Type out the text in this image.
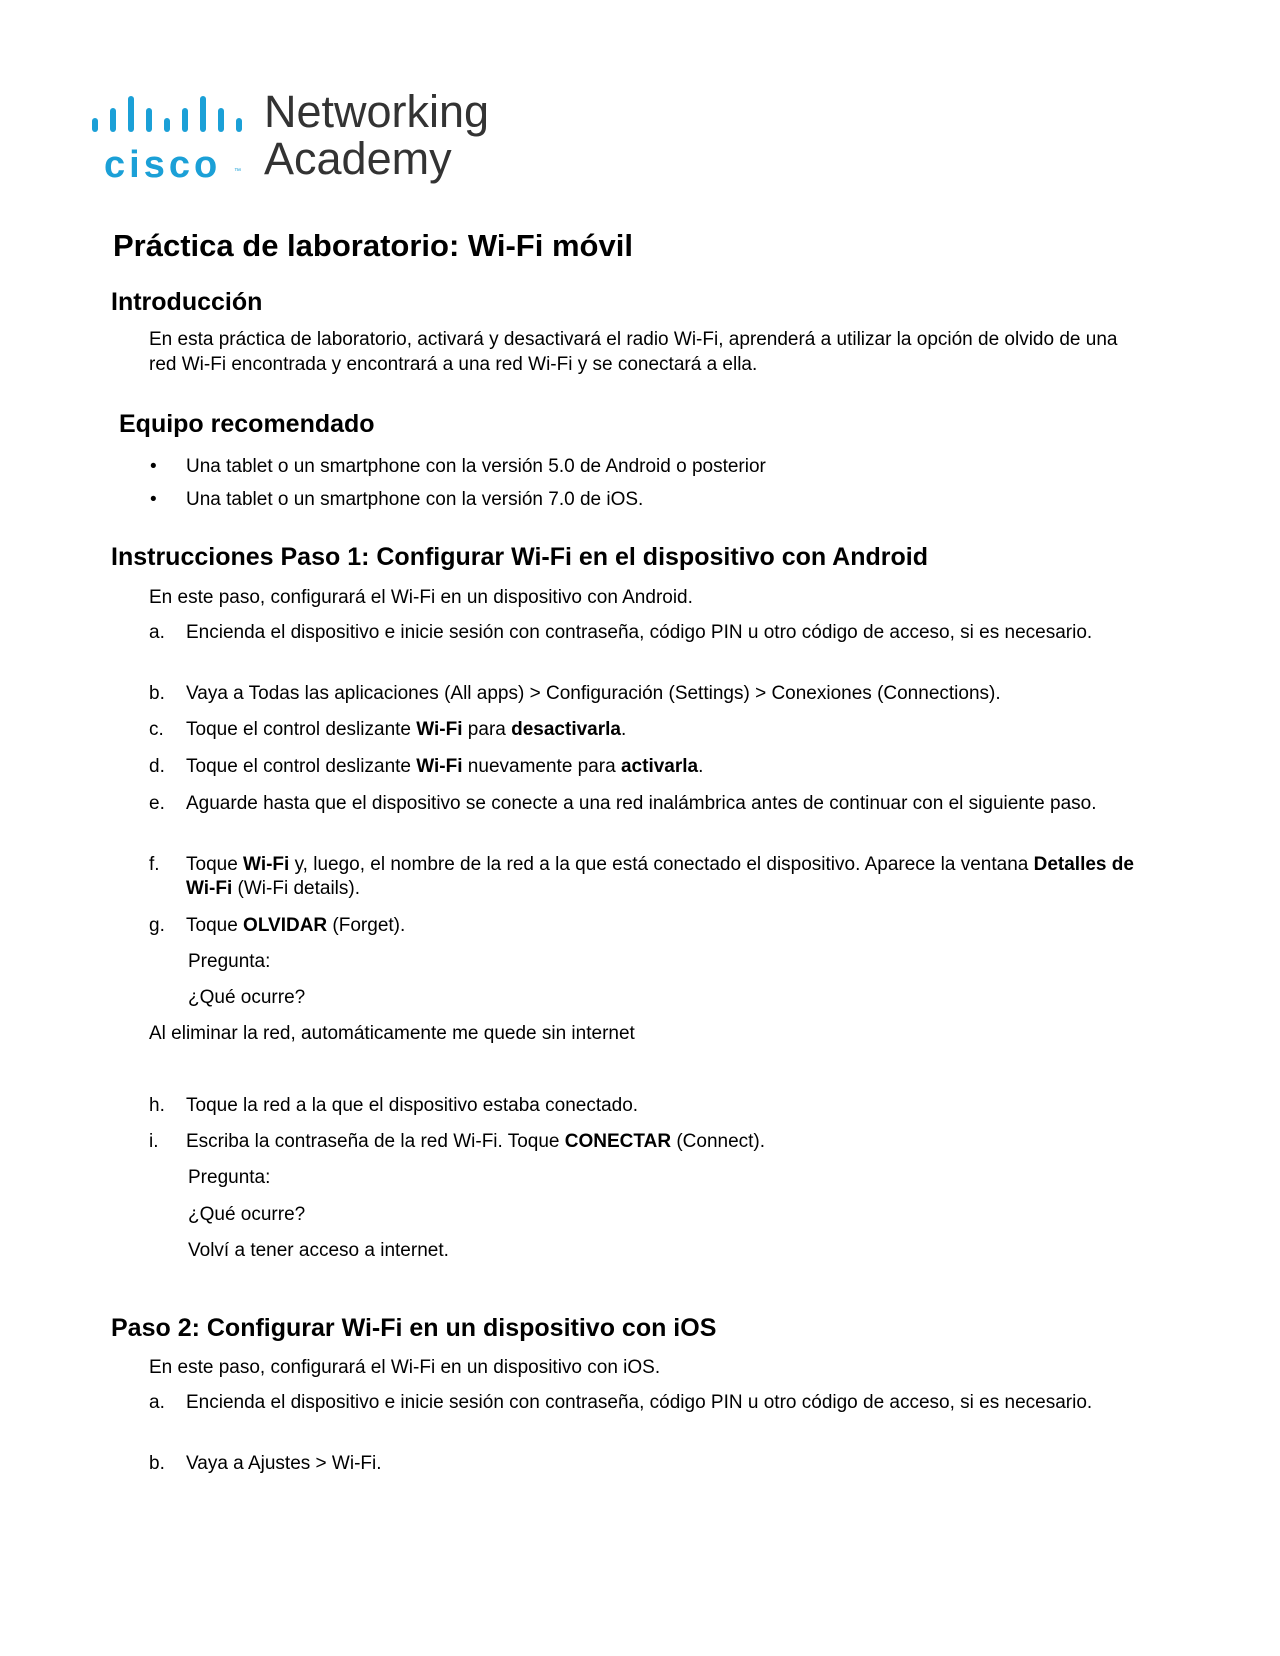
cisco ™
Networking
Academy
Práctica de laboratorio: Wi-Fi móvil
Introducción

En esta práctica de laboratorio, activará y desactivará el radio Wi-Fi, aprenderá a utilizar la opción de olvido de una red Wi-Fi encontrada y encontrará a una red Wi-Fi y se conectará a ella.

Equipo recomendado
• Una tablet o un smartphone con la versión 5.0 de Android o posterior

• Una tablet o un smartphone con la versión 7.0 de iOS.

Instrucciones Paso 1: Configurar Wi-Fi en el dispositivo con Android

En este paso, configurará el Wi-Fi en un dispositivo con Android.

a. Encienda el dispositivo e inicie sesión con contraseña, código PIN u otro código de acceso, si es necesario.

b. Vaya a Todas las aplicaciones (All apps) > Configuración (Settings) > Conexiones (Connections).

c. Toque el control deslizante Wi-Fi para desactivarla.

d. Toque el control deslizante Wi-Fi nuevamente para activarla.

e. Aguarde hasta que el dispositivo se conecte a una red inalámbrica antes de continuar con el siguiente paso.

f. Toque Wi-Fi y, luego, el nombre de la red a la que está conectado el dispositivo. Aparece la ventana Detalles de Wi-Fi (Wi-Fi details).

g. Toque OLVIDAR (Forget).

Pregunta:

¿Qué ocurre?

Al eliminar la red, automáticamente me quede sin internet

h. Toque la red a la que el dispositivo estaba conectado.

i. Escriba la contraseña de la red Wi-Fi. Toque CONECTAR (Connect).

Pregunta:

¿Qué ocurre?

Volví a tener acceso a internet.

Paso 2: Configurar Wi-Fi en un dispositivo con iOS

En este paso, configurará el Wi-Fi en un dispositivo con iOS.

a. Encienda el dispositivo e inicie sesión con contraseña, código PIN u otro código de acceso, si es necesario.

b. Vaya a Ajustes > Wi-Fi.
